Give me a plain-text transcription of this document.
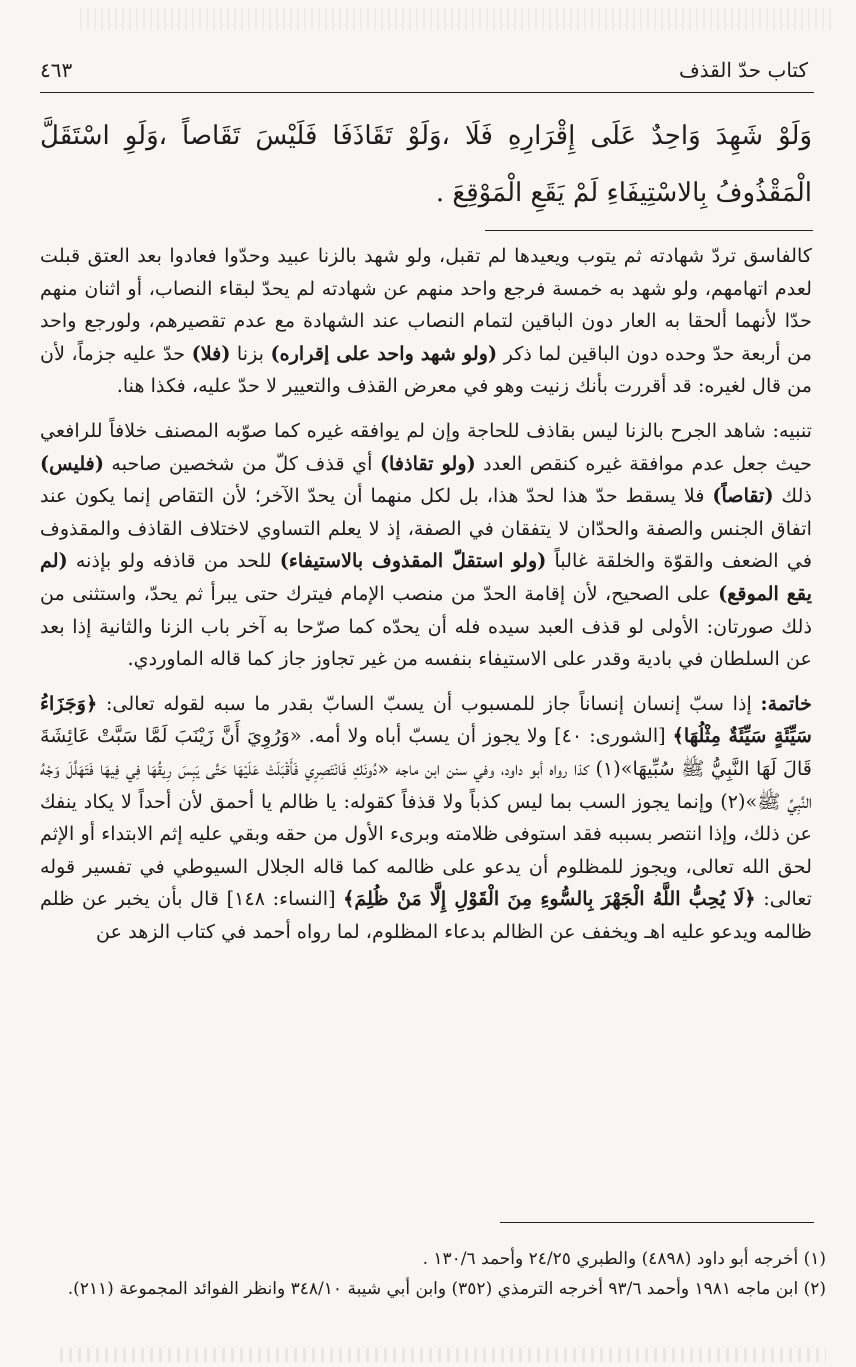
كتاب حدّ القذف
٤٦٣
وَلَوْ شَهِدَ وَاحِدٌ عَلَى إِقْرَارِهِ فَلَا ،وَلَوْ تَقَاذَفَا فَلَيْسَ تَقَاصاً ،وَلَوِ اسْتَقَلَّ الْمَقْذُوفُ بِالاسْتِيفَاءِ لَمْ يَقَعِ الْمَوْقِعَ .

كالفاسق تردّ شهادته ثم يتوب ويعيدها لم تقبل، ولو شهد بالزنا عبيد وحدّوا فعادوا بعد العتق قبلت لعدم اتهامهم، ولو شهد به خمسة فرجع واحد منهم عن شهادته لم يحدّ لبقاء النصاب، أو اثنان منهم حدّا لأنهما ألحقا به العار دون الباقين لتمام النصاب عند الشهادة مع عدم تقصيرهم، ولورجع واحد من أربعة حدّ وحده دون الباقين لما ذكر (ولو شهد واحد على إقراره) بزنا (فلا) حدّ عليه جزماً، لأن من قال لغيره: قد أقررت بأنك زنيت وهو في معرض القذف والتعيير لا حدّ عليه، فكذا هنا.

تنبيه: شاهد الجرح بالزنا ليس بقاذف للحاجة وإن لم يوافقه غيره كما صوّبه المصنف خلافاً للرافعي حيث جعل عدم موافقة غيره كنقص العدد (ولو تقاذفا) أي قذف كلّ من شخصين صاحبه (فليس) ذلك (تقاصاً) فلا يسقط حدّ هذا لحدّ هذا، بل لكل منهما أن يحدّ الآخر؛ لأن التقاص إنما يكون عند اتفاق الجنس والصفة والحدّان لا يتفقان في الصفة، إذ لا يعلم التساوي لاختلاف القاذف والمقذوف في الضعف والقوّة والخلقة غالباً (ولو استقلّ المقذوف بالاستيفاء) للحد من قاذفه ولو بإذنه (لم يقع الموقع) على الصحيح، لأن إقامة الحدّ من منصب الإمام فيترك حتى يبرأ ثم يحدّ، واستثنى من ذلك صورتان: الأولى لو قذف العبد سيده فله أن يحدّه كما صرّحا به آخر باب الزنا والثانية إذا بعد عن السلطان في بادية وقدر على الاستيفاء بنفسه من غير تجاوز جاز كما قاله الماوردي.

خاتمة: إذا سبّ إنسان إنساناً جاز للمسبوب أن يسبّ السابّ بقدر ما سبه لقوله تعالى: ﴿وَجَزَاءُ سَيِّئَةٍ سَيِّئَةٌ مِثْلُهَا﴾ [الشورى: ٤٠] ولا يجوز أن يسبّ أباه ولا أمه. «وَرُوِيَ أَنَّ زَيْنَبَ لَمَّا سَبَّتْ عَائِشَةَ قَالَ لَهَا النَّبِيُّ ﷺ سُبِّيهَا»(١) كذا رواه أبو داود، وفي سنن ابن ماجه «دُونَكِ فَانْتَصِرِي فَأَقْبَلَتْ عَلَيْهَا حَتَّى يَبِسَ رِيقُهَا فِي فِيهَا فَتَهَلَّلَ وَجْهُ النَّبِيِّ ﷺ»(٢) وإنما يجوز السب بما ليس كذباً ولا قذفاً كقوله: يا ظالم يا أحمق لأن أحداً لا يكاد ينفك عن ذلك، وإذا انتصر بسببه فقد استوفى ظلامته وبرىء الأول من حقه وبقي عليه إثم الابتداء أو الإثم لحق الله تعالى، ويجوز للمظلوم أن يدعو على ظالمه كما قاله الجلال السيوطي في تفسير قوله تعالى: ﴿لَا يُحِبُّ اللَّهُ الْجَهْرَ بِالسُّوءِ مِنَ الْقَوْلِ إِلَّا مَنْ ظُلِمَ﴾ [النساء: ١٤٨] قال بأن يخبر عن ظلم ظالمه ويدعو عليه اهـ ويخفف عن الظالم بدعاء المظلوم، لما رواه أحمد في كتاب الزهد عن

(١) أخرجه أبو داود (٤٨٩٨) والطبري ٢٤/٢٥ وأحمد ١٣٠/٦ .
(٢) ابن ماجه ١٩٨١ وأحمد ٩٣/٦ أخرجه الترمذي (٣٥٢) وابن أبي شيبة ٣٤٨/١٠ وانظر الفوائد المجموعة (٢١١).
